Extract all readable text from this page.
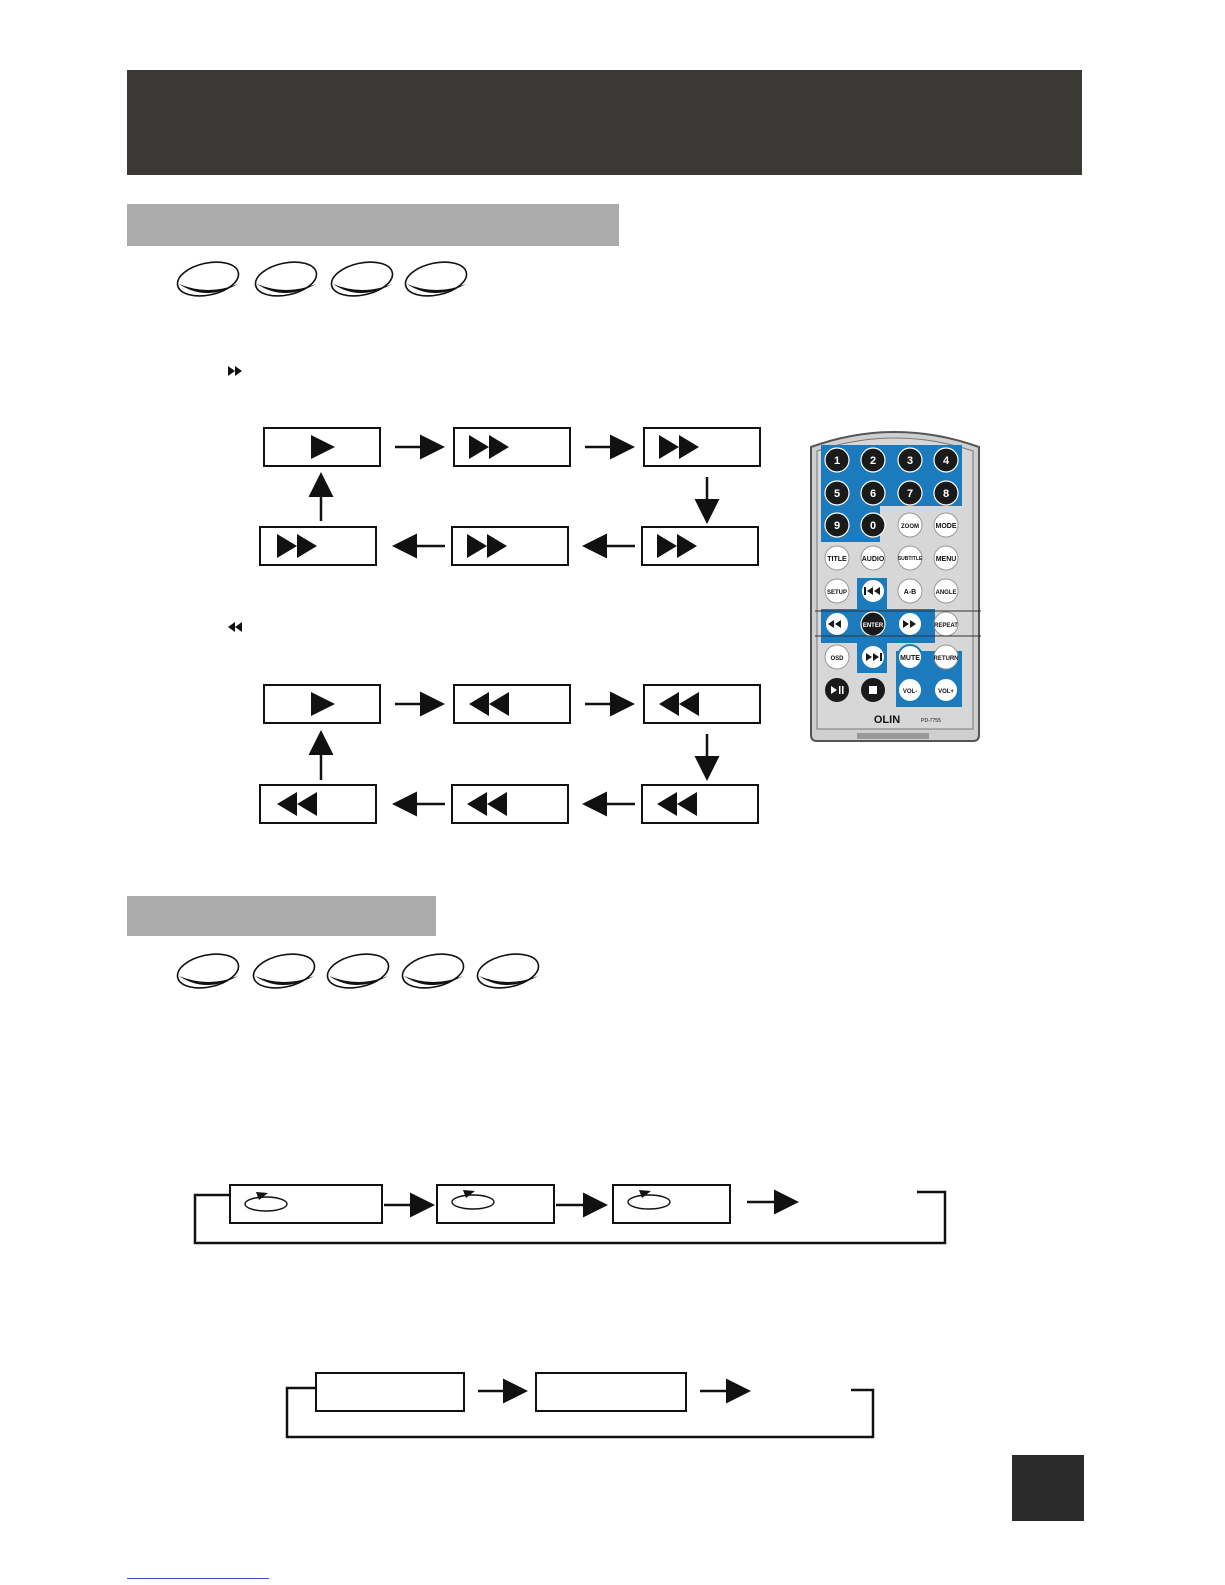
1	2	3	4
5	6	7	8
9	0	ZOOM MODE
TITLE AUDIO	SUBTITLE MENU
SETUP	A-B	ANGLE
REPEAT
OSD	MUTE RETURN
VOL-	VOL+
OLIN	PD-7755
ENTER
